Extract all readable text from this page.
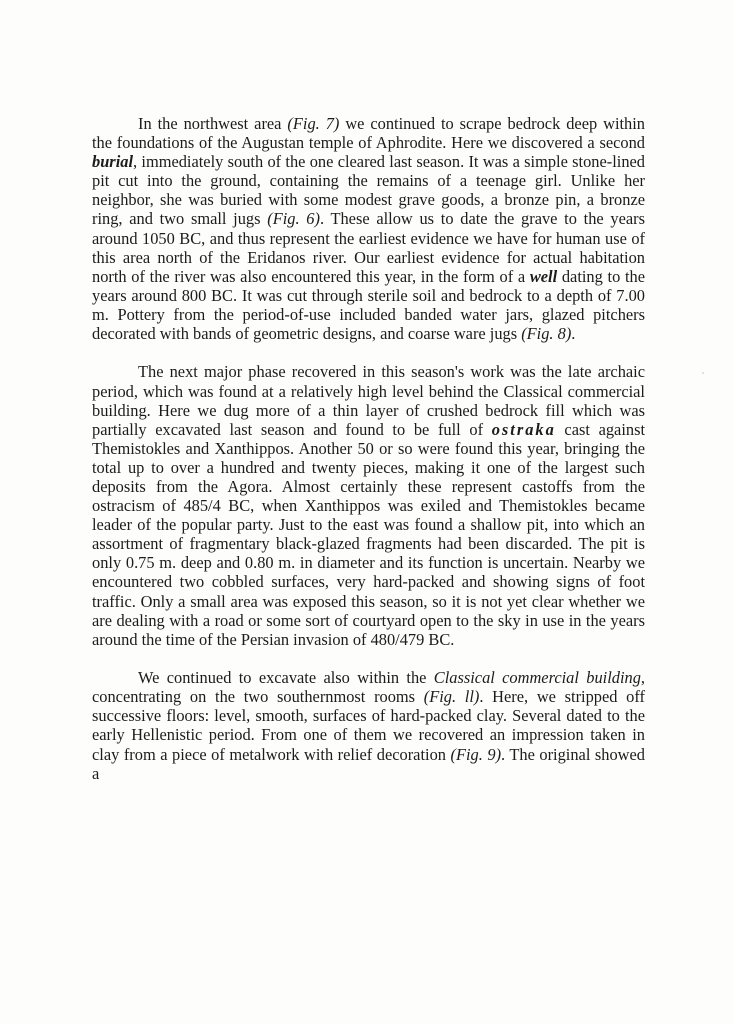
In the northwest area (Fig. 7) we continued to scrape bedrock deep within the foundations of the Augustan temple of Aphrodite. Here we discovered a second burial, immediately south of the one cleared last season. It was a simple stone-lined pit cut into the ground, containing the remains of a teenage girl. Unlike her neighbor, she was buried with some modest grave goods, a bronze pin, a bronze ring, and two small jugs (Fig. 6). These allow us to date the grave to the years around 1050 BC, and thus represent the earliest evidence we have for human use of this area north of the Eridanos river. Our earliest evidence for actual habitation north of the river was also encountered this year, in the form of a well dating to the years around 800 BC. It was cut through sterile soil and bedrock to a depth of 7.00 m. Pottery from the period-of-use included banded water jars, glazed pitchers decorated with bands of geometric designs, and coarse ware jugs (Fig. 8).

The next major phase recovered in this season's work was the late archaic period, which was found at a relatively high level behind the Classical commercial building. Here we dug more of a thin layer of crushed bedrock fill which was partially excavated last season and found to be full of ostraka cast against Themistokles and Xanthippos. Another 50 or so were found this year, bringing the total up to over a hundred and twenty pieces, making it one of the largest such deposits from the Agora. Almost certainly these represent castoffs from the ostracism of 485/4 BC, when Xanthippos was exiled and Themistokles became leader of the popular party. Just to the east was found a shallow pit, into which an assortment of fragmentary black-glazed fragments had been discarded. The pit is only 0.75 m. deep and 0.80 m. in diameter and its function is uncertain. Nearby we encountered two cobbled surfaces, very hard-packed and showing signs of foot traffic. Only a small area was exposed this season, so it is not yet clear whether we are dealing with a road or some sort of courtyard open to the sky in use in the years around the time of the Persian invasion of 480/479 BC.

We continued to excavate also within the Classical commercial building, concentrating on the two southernmost rooms (Fig. ll). Here, we stripped off successive floors: level, smooth, surfaces of hard-packed clay. Several dated to the early Hellenistic period. From one of them we recovered an impression taken in clay from a piece of metalwork with relief decoration (Fig. 9). The original showed a
